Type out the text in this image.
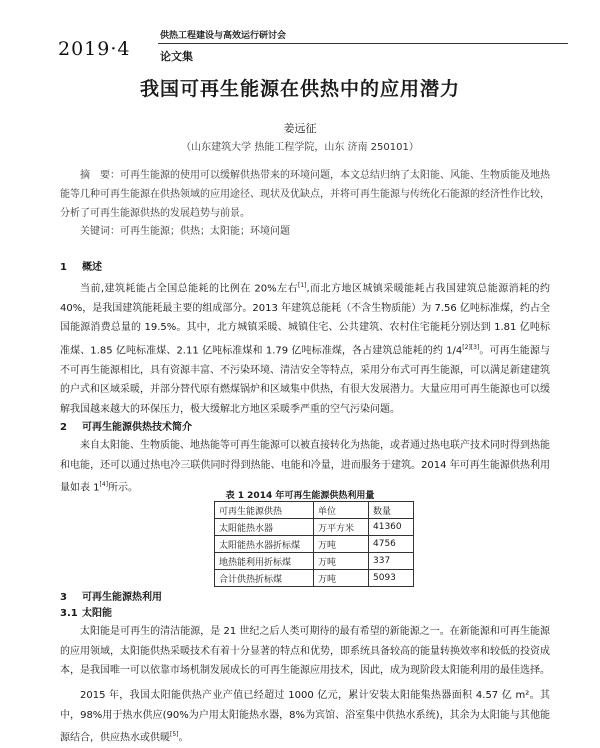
2019·4
供热工程建设与高效运行研讨会
论文集
我国可再生能源在供热中的应用潜力
姜远征
（山东建筑大学 热能工程学院，山东 济南 250101）

摘　要：可再生能源的使用可以缓解供热带来的环境问题，本文总结归纳了太阳能、风能、生物质能及地热能等几种可再生能源在供热领域的应用途径、现状及优缺点，并将可再生能源与传统化石能源的经济性作比较，分析了可再生能源供热的发展趋势与前景。

关键词：可再生能源；供热；太阳能；环境问题
1 概述

当前,建筑耗能占全国总能耗的比例在 20%左右[1],而北方地区城镇采暖能耗占我国建筑总能源消耗的约 40%，是我国建筑能耗最主要的组成部分。2013 年建筑总能耗（不含生物质能）为 7.56 亿吨标准煤，约占全国能源消费总量的 19.5%。其中，北方城镇采暖、城镇住宅、公共建筑、农村住宅能耗分别达到 1.81 亿吨标准煤、1.85 亿吨标准煤、2.11 亿吨标准煤和 1.79 亿吨标准煤，各占建筑总能耗的约 1/4[2][3]。可再生能源与不可再生能源相比，具有资源丰富、不污染环境、清洁安全等特点，采用分布式可再生能源，可以满足新建建筑的户式和区域采暖，并部分替代原有燃煤锅炉和区域集中供热，有很大发展潜力。大量应用可再生能源也可以缓解我国越来越大的环保压力，极大缓解北方地区采暖季严重的空气污染问题。

2 可再生能源供热技术简介

来自太阳能、生物质能、地热能等可再生能源可以被直接转化为热能，或者通过热电联产技术同时得到热能和电能，还可以通过热电冷三联供同时得到热能、电能和冷量，进而服务于建筑。2014 年可再生能源供热利用量如表 1[4]所示。

表 1 2014 年可再生能源供热利用量
可再生能源供热	单位	数量
太阳能热水器	万平方米	41360
太阳能热水器折标煤	万吨	4756
地热能利用折标煤	万吨	337
合计供热折标煤	万吨	5093
3 可再生能源热利用
3.1 太阳能

太阳能是可再生的清洁能源，是 21 世纪之后人类可期待的最有希望的新能源之一。在新能源和可再生能源的应用领域，太阳能供热采暖技术有着十分显著的特点和优势，即系统具备较高的能量转换效率和较低的投资成本，是我国唯一可以依靠市场机制发展成长的可再生能源应用技术，因此，成为现阶段太阳能利用的最佳选择。

2015 年，我国太阳能供热产业产值已经超过 1000 亿元，累计安装太阳能集热器面积 4.57 亿 m²。其中，98%用于热水供应(90%为户用太阳能热水器，8%为宾馆、浴室集中供热水系统)，其余为太阳能与其他能源结合，供应热水或供暖[5]。
